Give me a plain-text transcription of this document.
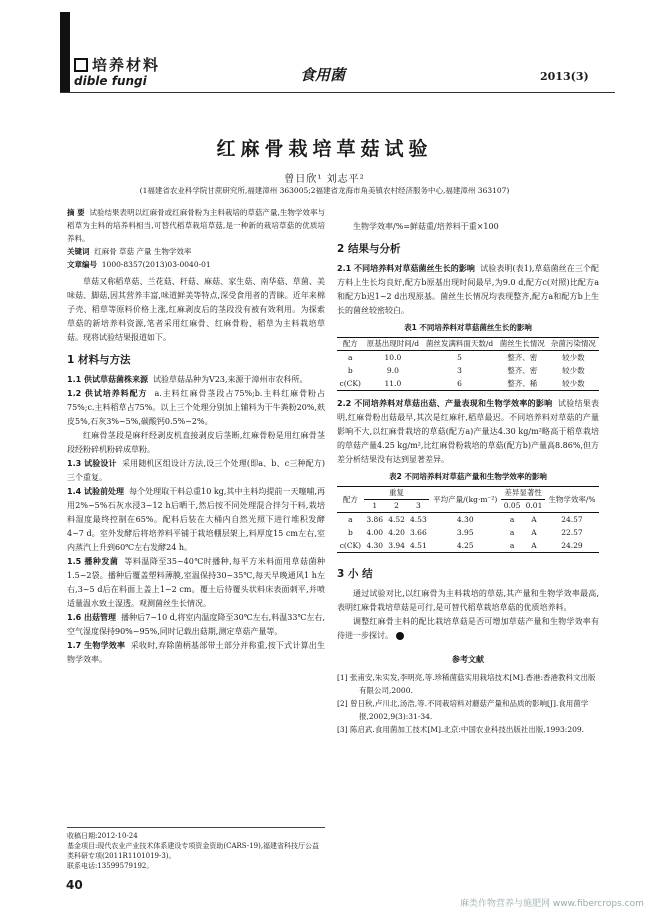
培养材料
dible fungi	食用菌	2013(3)
红麻骨栽培草菇试验
曾日欣¹ 刘志平²
(1福建省农业科学院甘蔗研究所,福建漳州 363005;2福建省龙海市角美镇农村经济服务中心,福建漳州 363107)

摘 要 试验结果表明以红麻骨或红麻骨粉为主料栽培的草菇产量,生物学效率与稻草为主料的培养料相当,可替代稻草栽培草菇,是一种新的栽培草菇的优质培养料。

关键词 红麻骨 草菇 产量 生物学效率

文章编号 1000-8357(2013)03-0040-01

草菇又称稻草菇、兰花菇、秆菇、麻菇、家生菇、南华菇、草菌、美味菇、脚菇,因其营养丰富,味道鲜美等特点,深受食用者的青睐。近年来棉子壳、稻草等原料价格上涨,红麻剥皮后的茎段没有被有效利用。为探索草菇的新培养料资源,笔者采用红麻骨、红麻骨粉、稻草为主料栽培草菇。现将试验结果报道如下。

1 材料与方法

1.1 供试草菇菌株来源 试验草菇品种为V23,来源于漳州市农科所。

1.2 供试培养料配方 a.主料红麻骨茎段占75%;b.主料红麻骨粉占75%;c.主料稻草占75%。以上三个处理分别加上辅料为干牛粪粉20%,麸皮5%,石灰3%~5%,碳酸钙0.5%~2%。

红麻骨茎段是麻秆经剥皮机直接剥皮后茎断,红麻骨粉是用红麻骨茎段经粉碎机粉碎成草粉。

1.3 试验设计 采用随机区组设计方法,设三个处理(即a、b、c三种配方)三个重复。

1.4 试验前处理 每个处理取干料总重10 kg,其中主料均提前一天噻哺,再用2%~5%石灰水浸3~12 h后晒干,然后按不同处理混合拌匀干料,栽培料湿度最终控制在65%。配料后装在大桶内自然光照下进行堆积发酵4~7 d。室外发酵后将培养料平铺于栽培棚层架上,料厚度15 cm左右,室内蒸汽上升到60℃左右发酵24 h。

1.5 播种发菌 等料温降至35~40℃时播种,每平方米料面用草菇菌种1.5~2袋。播种后覆盖塑料薄膜,室温保持30~35℃,每天早晚通风1 h左右,3~5 d后在料面上盖上1~2 cm。覆土后待覆头状料床表面刺平,并喷适量温水致土湿透。观测菌丝生长情况。

1.6 出菇管理 播种后7~10 d,将室内温度降至30℃左右,料温33℃左右,空气湿度保持90%~95%,同时记载出菇期,测定草菇产量等。

1.7 生物学效率 采收时,弃除菌柄基部带土部分并称重,按下式计算出生物学效率。

收稿日期:2012-10-24
基金项目:现代农业产业技术体系建设专项资金资助(CARS-19),福建省科技厅公益类科研专项(2011R1101019-3)。
联系电话:13599579192。

生物学效率/%=鲜菇重/培养料干重×100

2 结果与分析

2.1 不同培养料对草菇菌丝生长的影响 试验表明(表1),草菇菌丝在三个配方料上生长均良好,配方b原基出现时间最早,为9.0 d,配方c(对照)比配方a和配方b迟1~2 d出现原基。菌丝生长情况均表现整齐,配方a和配方b上生长的菌丝较密较白。

表1 不同培养料对草菇菌丝生长的影响
配方	原基出现时间/d	菌丝发满料面天数/d	菌丝生长情况	杂菌污染情况
a	10.0	5	整齐、密	较少数
b	9.0	3	整齐、密	较少数
c(CK)	11.0	6	整齐、稀	较少数

2.2 不同培养料对草菇出菇、产量表现和生物学效率的影响 试验结果表明,红麻骨粉出菇最早,其次是红麻秆,稻草最迟。不同培养料对草菇的产量影响不大,以红麻骨栽培的草菇(配方a)产量达4.30 kg/m²略高于稻草栽培的草菇产量4.25 kg/m²,比红麻骨粉栽培的草菇(配方b)产量高8.86%,但方差分析结果没有达到显著差异。

表2 不同培养料对草菇产量和生物学效率的影响
配方	重复			平均产量/(kg·m⁻²)	差异显著性		生物学效率/%
	1	2	3		0.05	0.01	
a	3.86	4.52	4.53	4.30	a	A	24.57
b	4.00	4.20	3.66	3.95	a	A	22.57
c(CK)	4.30	3.94	4.51	4.25	a	A	24.29
3 小 结

通过试验对比,以红麻骨为主料栽培的草菇,其产量和生物学效率最高,表明红麻骨栽培草菇是可行,是可替代稻草栽培草菇的优质培养料。

调整红麻骨主料的配比栽培草菇是否可增加草菇产量和生物学效率有待进一步探讨。

参考文献
[1] 张甫安,朱实发,李明亮,等.珍稀菌菇实用栽培技术[M].香港:香港教科文出版有限公司,2000.
[2] 曾日秋,卢川北,汤浩,等.不同栽培料对蘑菇产量和品质的影响[J].食用菌学报,2002,9(3):31-34.
[3] 陈启武.食用菌加工技术[M].北京:中国农业科技出版社出版,1993:209.
40
麻类作物营养与施肥网 www.fibercrops.com
